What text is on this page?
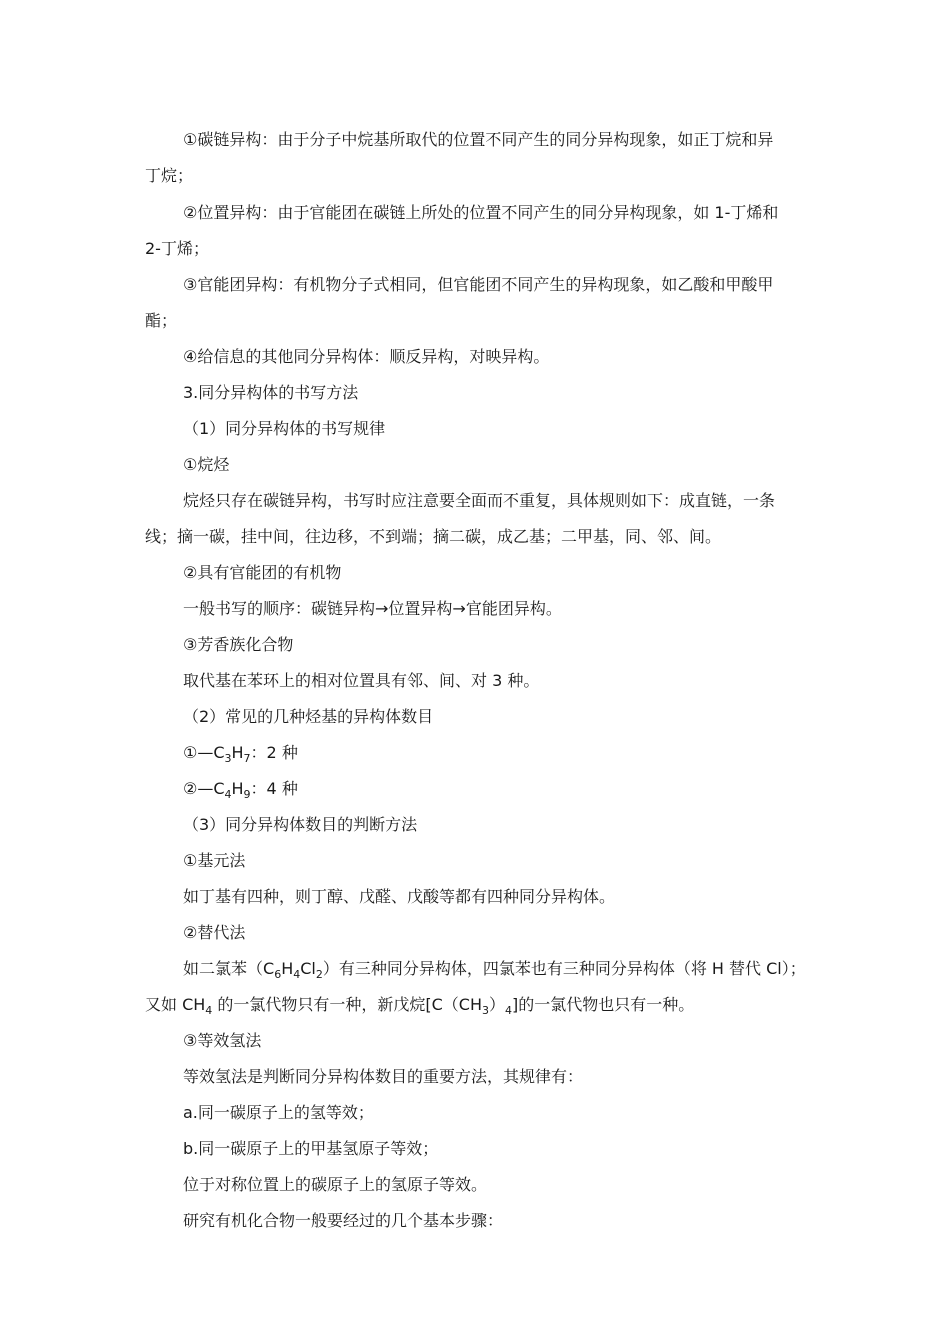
①碳链异构：由于分子中烷基所取代的位置不同产生的同分异构现象，如正丁烷和异
丁烷；
②位置异构：由于官能团在碳链上所处的位置不同产生的同分异构现象，如 1-丁烯和
2-丁烯；
③官能团异构：有机物分子式相同，但官能团不同产生的异构现象，如乙酸和甲酸甲
酯；
④给信息的其他同分异构体：顺反异构，对映异构。
3.同分异构体的书写方法
（1）同分异构体的书写规律
①烷烃
烷烃只存在碳链异构，书写时应注意要全面而不重复，具体规则如下：成直链，一条
线；摘一碳，挂中间，往边移，不到端；摘二碳，成乙基；二甲基，同、邻、间。
②具有官能团的有机物
一般书写的顺序：碳链异构→位置异构→官能团异构。
③芳香族化合物
取代基在苯环上的相对位置具有邻、间、对 3 种。
（2）常见的几种烃基的异构体数目
$①—C_3H_7$：2 种
$②—C_4H_9$：4 种
（3）同分异构体数目的判断方法
①基元法
如丁基有四种，则丁醇、戊醛、戊酸等都有四种同分异构体。
②替代法
如二氯苯$(C_6H_4Cl_2)$有三种同分异构体，四氯苯也有三种同分异构体（将 H 替代 Cl）；
又如 $CH_4$ 的一氯代物只有一种，新戊烷$[C(CH_3)_4]$的一氯代物也只有一种。
③等效氢法
等效氢法是判断同分异构体数目的重要方法，其规律有：
a.同一碳原子上的氢等效；
b.同一碳原子上的甲基氢原子等效；
位于对称位置上的碳原子上的氢原子等效。
研究有机化合物一般要经过的几个基本步骤：
